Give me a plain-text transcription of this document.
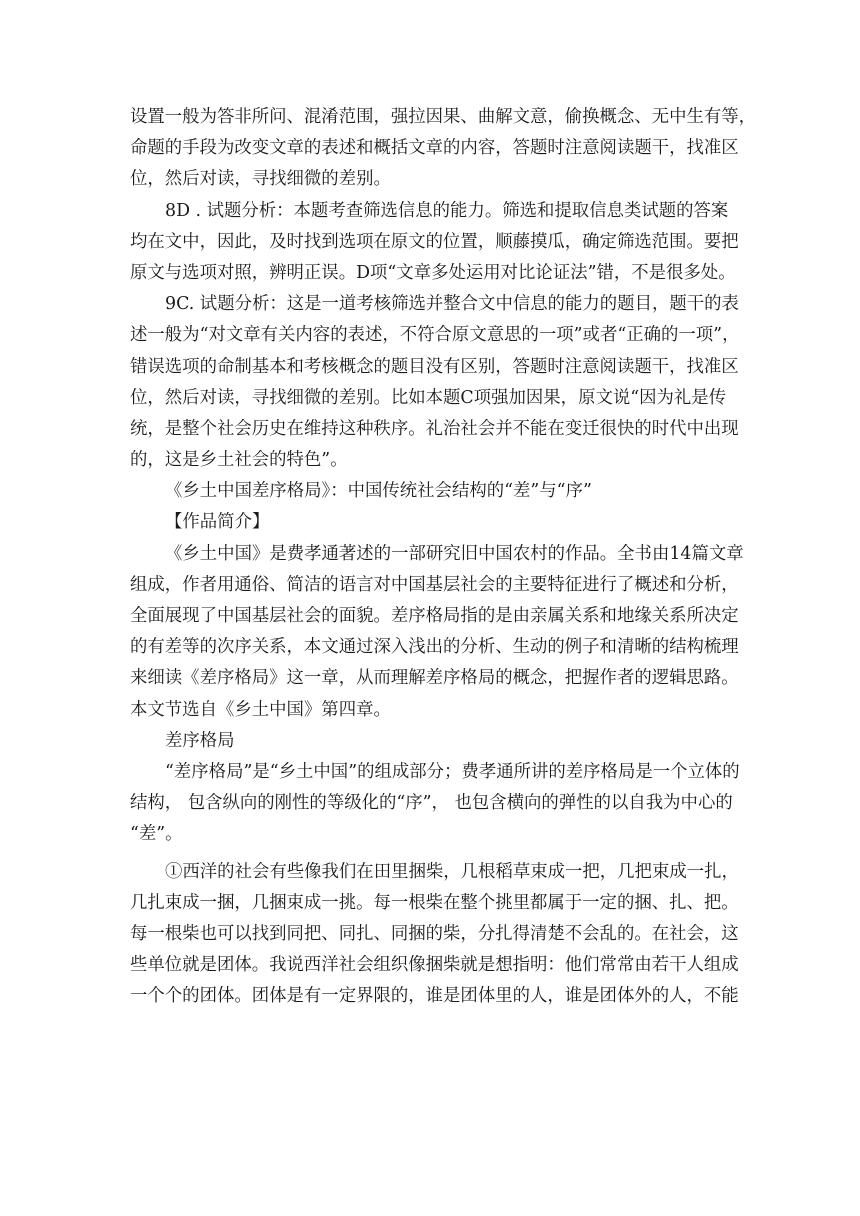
设置一般为答非所问、混淆范围，强拉因果、曲解文意，偷换概念、无中生有等，
命题的手段为改变文章的表述和概括文章的内容，答题时注意阅读题干，找准区
位，然后对读，寻找细微的差别。
8D . 试题分析：本题考查筛选信息的能力。筛选和提取信息类试题的答案
均在文中，因此，及时找到选项在原文的位置，顺藤摸瓜，确定筛选范围。要把
原文与选项对照，辨明正误。D项“文章多处运用对比论证法”错，不是很多处。
9C. 试题分析：这是一道考核筛选并整合文中信息的能力的题目，题干的表
述一般为“对文章有关内容的表述，不符合原文意思的一项”或者“正确的一项”，
错误选项的命制基本和考核概念的题目没有区别，答题时注意阅读题干，找准区
位，然后对读，寻找细微的差别。比如本题C项强加因果，原文说“因为礼是传
统，是整个社会历史在维持这种秩序。礼治社会并不能在变迁很快的时代中出现
的，这是乡土社会的特色”。
《乡土中国差序格局》：中国传统社会结构的“差”与“序”
【作品简介】
《乡土中国》是费孝通著述的一部研究旧中国农村的作品。全书由14篇文章
组成，作者用通俗、简洁的语言对中国基层社会的主要特征进行了概述和分析，
全面展现了中国基层社会的面貌。差序格局指的是由亲属关系和地缘关系所决定
的有差等的次序关系，本文通过深入浅出的分析、生动的例子和清晰的结构梳理
来细读《差序格局》这一章，从而理解差序格局的概念，把握作者的逻辑思路。
本文节选自《乡土中国》第四章。
差序格局
“差序格局”是“乡土中国”的组成部分；费孝通所讲的差序格局是一个立体的
结构， 包含纵向的刚性的等级化的“序”， 也包含横向的弹性的以自我为中心的
“差”。
①西洋的社会有些像我们在田里捆柴，几根稻草束成一把，几把束成一扎，
几扎束成一捆，几捆束成一挑。每一根柴在整个挑里都属于一定的捆、扎、把。
每一根柴也可以找到同把、同扎、同捆的柴，分扎得清楚不会乱的。在社会，这
些单位就是团体。我说西洋社会组织像捆柴就是想指明：他们常常由若干人组成
一个个的团体。团体是有一定界限的，谁是团体里的人，谁是团体外的人，不能
